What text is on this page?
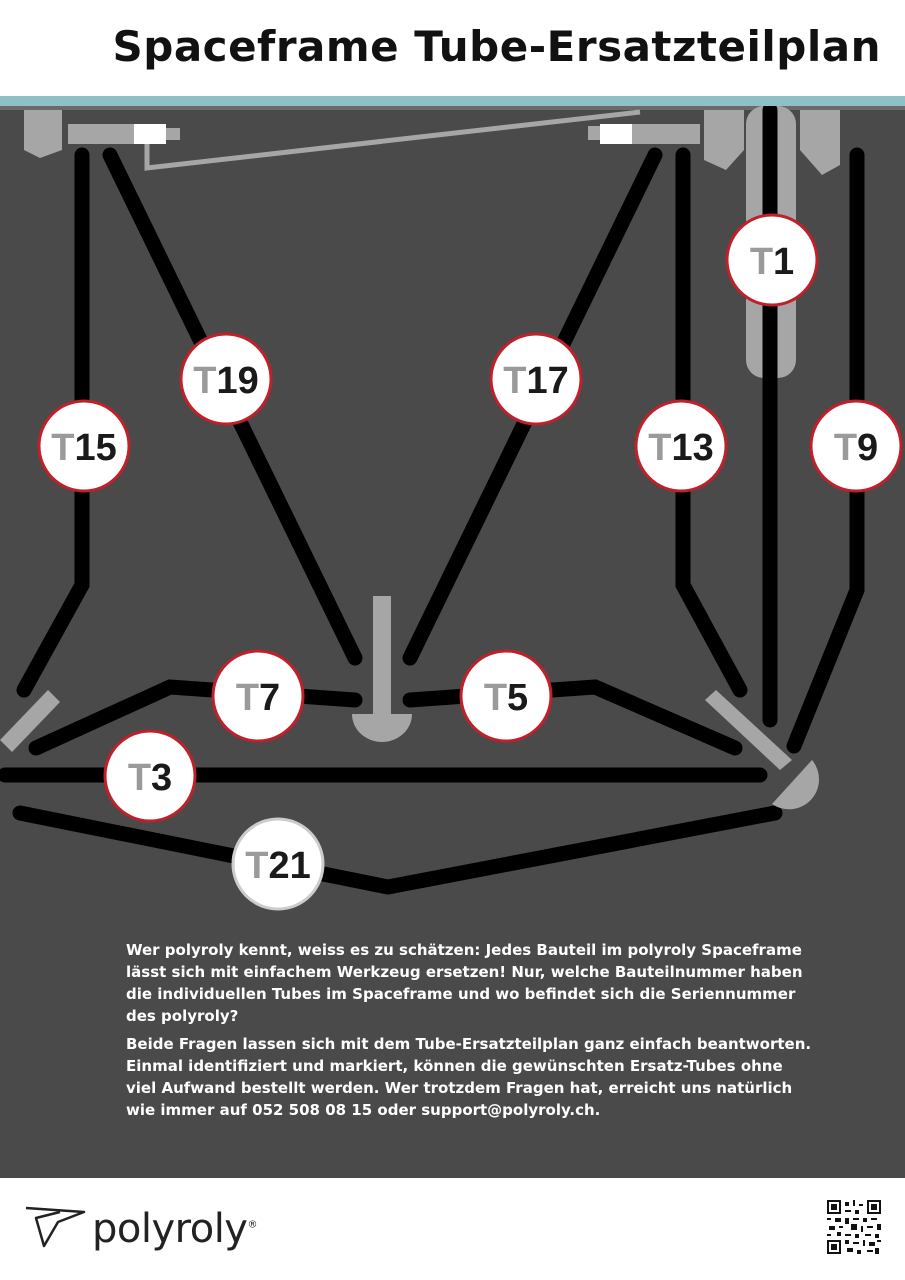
Spaceframe Tube-Ersatzteilplan
T1
T19	T17
T15	T13	T9
T7	T5
T3
T21

Wer polyroly kennt, weiss es zu schätzen: Jedes Bauteil im polyroly Spaceframe lässt sich mit einfachem Werkzeug ersetzen! Nur, welche Bauteilnummer haben die individuellen Tubes im Spaceframe und wo befindet sich die Seriennummer des polyroly?

Beide Fragen lassen sich mit dem Tube-Ersatzteilplan ganz einfach beantworten. Einmal identifiziert und markiert, können die gewünschten Ersatz-Tubes ohne viel Aufwand bestellt werden. Wer trotzdem Fragen hat, erreicht uns natürlich wie immer auf 052 508 08 15 oder support@polyroly.ch.

polyroly®
